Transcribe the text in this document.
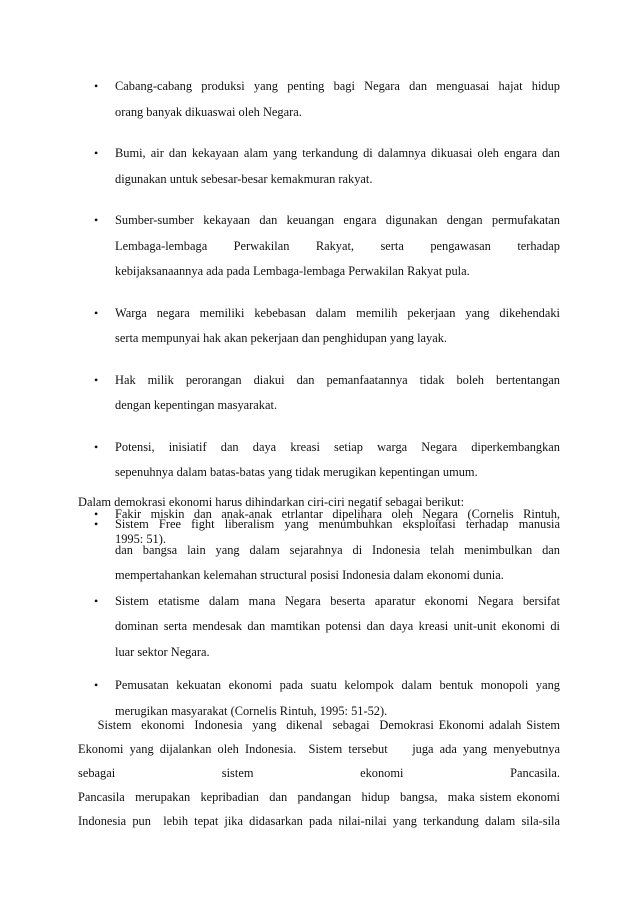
• Cabang-cabang produksi yang penting bagi Negara dan menguasai hajat hidup
orang banyak dikuaswai oleh Negara.
• Bumi, air dan kekayaan alam yang terkandung di dalamnya dikuasai oleh engara dan
digunakan untuk sebesar-besar kemakmuran rakyat.
• Sumber-sumber kekayaan dan keuangan engara digunakan dengan permufakatan
Lembaga-lembaga Perwakilan Rakyat, serta pengawasan terhadap
kebijaksanaannya ada pada Lembaga-lembaga Perwakilan Rakyat pula.
• Warga negara memiliki kebebasan dalam memilih pekerjaan yang dikehendaki
serta mempunyai hak akan pekerjaan dan penghidupan yang layak.
• Hak milik perorangan diakui dan pemanfaatannya tidak boleh bertentangan
dengan kepentingan masyarakat.
• Potensi, inisiatif dan daya kreasi setiap warga Negara diperkembangkan
sepenuhnya dalam batas-batas yang tidak merugikan kepentingan umum.
• Fakir miskin dan anak-anak etrlantar dipelihara oleh Negara (Cornelis Rintuh,
1995: 51).
Dalam demokrasi ekonomi harus dihindarkan ciri-ciri negatif sebagai berikut:
• Sistem Free fight liberalism yang menumbuhkan eksploitasi terhadap manusia
dan bangsa lain yang dalam sejarahnya di Indonesia telah menimbulkan dan
mempertahankan kelemahan structural posisi Indonesia dalam ekonomi dunia.
• Sistem etatisme dalam mana Negara beserta aparatur ekonomi Negara bersifat
dominan serta mendesak dan mamtikan potensi dan daya kreasi unit-unit ekonomi di
luar sektor Negara.
• Pemusatan kekuatan ekonomi pada suatu kelompok dalam bentuk monopoli yang
merugikan masyarakat (Cornelis Rintuh, 1995: 51-52).
Sistem  ekonomi  Indonesia  yang  dikenal  sebagai  Demokrasi Ekonomi adalah Sistem
Ekonomi yang dijalankan oleh Indonesia.  Sistem tersebut    juga ada yang menyebutnya
sebagai                    sistem                    ekonomi                    Pancasila.
Pancasila  merupakan  kepribadian  dan  pandangan  hidup  bangsa,  maka sistem ekonomi
Indonesia pun  lebih tepat jika didasarkan pada nilai-nilai yang terkandung dalam sila-sila
